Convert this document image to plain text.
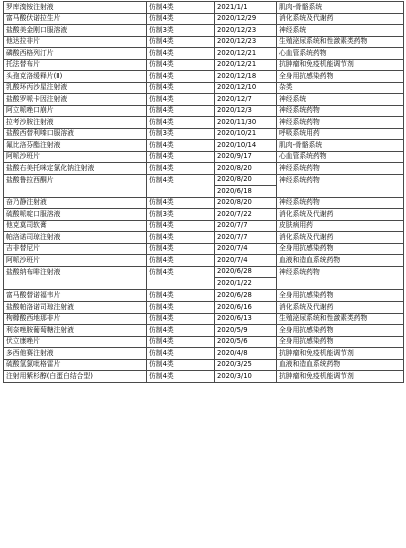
罗库溴铵注射液	仿制4类	2021/1/1	肌肉-骨骼系统
富马酸伏诺拉生片	仿制4类	2020/12/29	消化系统及代谢药
盐酸美金刚口服溶液	仿制3类	2020/12/23	神经系统
他达拉非片	仿制4类	2020/12/23	生殖泌尿系统和性激素类药物
磷酸西格列汀片	仿制4类	2020/12/21	心血管系统药物
托法替布片	仿制4类	2020/12/21	抗肿瘤和免疫机能调节剂
头孢克洛缓释片(Ⅱ)	仿制4类	2020/12/18	全身用抗感染药物
乳酸环丙沙星注射液	仿制4类	2020/12/10	杂类
盐酸罗哌卡因注射液	仿制4类	2020/12/7	神经系统
阿立哌唑口崩片	仿制4类	2020/12/3	神经系统药物
拉考沙胺注射液	仿制4类	2020/11/30	神经系统药物
盐酸西替利嗪口服溶液	仿制3类	2020/10/21	呼吸系统用药
氟比洛芬酯注射液	仿制4类	2020/10/14	肌肉-骨骼系统
阿哌沙班片	仿制4类	2020/9/17	心血管系统药物
盐酸右美托咪定氯化钠注射液	仿制4类	2020/8/20	神经系统药物
盐酸鲁拉西酮片	仿制4类	2020/8/20	神经系统药物
		2020/6/18	
奋乃静注射液	仿制4类	2020/8/20	神经系统药物
硫酸哌啶口服溶液	仿制3类	2020/7/22	消化系统及代谢药
他克莫司软膏	仿制4类	2020/7/7	皮肤病用药
帕洛诺司琼注射液	仿制4类	2020/7/7	消化系统及代谢药
吉非替尼片	仿制4类	2020/7/4	全身用抗感染药物
阿哌沙班片	仿制4类	2020/7/4	血液和造血系统药物
盐酸纳布啡注射液	仿制4类	2020/6/28	神经系统药物
		2020/1/22	
富马酸替诺福韦片	仿制4类	2020/6/28	全身用抗感染药物

盐酸帕洛诺司琼注射液	仿制4类	2020/6/16	消化系统及代谢药
枸橼酸西地那非片	仿制4类	2020/6/13	生殖泌尿系统和性激素类药物
利奈唑胺葡萄糖注射液	仿制4类	2020/5/9	全身用抗感染药物
伏立康唑片	仿制4类	2020/5/6	全身用抗感染药物
多西他赛注射液	仿制4类	2020/4/8	抗肿瘤和免疫机能调节剂
硫酸氢氯吡格雷片	仿制4类	2020/3/25	血液和造血系统药物
注射用紫杉醇(白蛋白结合型)	仿制4类	2020/3/10	抗肿瘤和免疫机能调节剂
